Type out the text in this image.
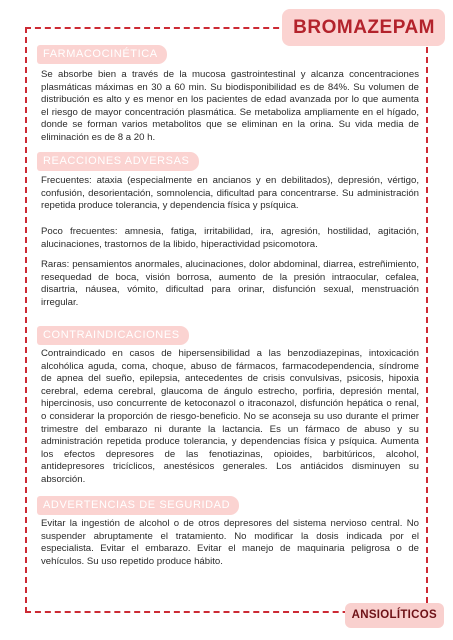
BROMAZEPAM
FARMACOCINÉTICA

Se absorbe bien a través de la mucosa gastrointestinal y alcanza concentraciones plasmáticas máximas en 30 a 60 min. Su biodisponibilidad es de 84%. Su volumen de distribución es alto y es menor en los pacientes de edad avanzada por lo que aumenta el riesgo de mayor concentración plasmática. Se metaboliza ampliamente en el hígado, donde se forman varios metabolitos que se eliminan en la orina. Su vida media de eliminación es de 8 a 20 h.

REACCIONES ADVERSAS

Frecuentes: ataxia (especialmente en ancianos y en debilitados), depresión, vértigo, confusión, desorientación, somnolencia, dificultad para concentrarse. Su administración repetida produce tolerancia, y dependencia física y psíquica.

Poco frecuentes: amnesia, fatiga, irritabilidad, ira, agresión, hostilidad, agitación, alucinaciones, trastornos de la libido, hiperactividad psicomotora.

Raras: pensamientos anormales, alucinaciones, dolor abdominal, diarrea, estreñimiento, resequedad de boca, visión borrosa, aumento de la presión intraocular, cefalea, disartria, náusea, vómito, dificultad para orinar, disfunción sexual, menstruación irregular.

CONTRAINDICACIONES

Contraindicado en casos de hipersensibilidad a las benzodiazepinas, intoxicación alcohólica aguda, coma, choque, abuso de fármacos, farmacodependencia, síndrome de apnea del sueño, epilepsia, antecedentes de crisis convulsivas, psicosis, hipoxia cerebral, edema cerebral, glaucoma de ángulo estrecho, porfiria, depresión mental, hipercinosis, uso concurrente de ketoconazol o itraconazol, disfunción hepática o renal, o considerar la proporción de riesgo-beneficio. No se aconseja su uso durante el primer trimestre del embarazo ni durante la lactancia. Es un fármaco de abuso y su administración repetida produce tolerancia, y dependencias física y psíquica. Aumenta los efectos depresores de las fenotiazinas, opioides, barbitúricos, alcohol, antidepresores tricíclicos, anestésicos generales. Los antiácidos disminuyen su absorción.

ADVERTENCIAS DE SEGURIDAD

Evitar la ingestión de alcohol o de otros depresores del sistema nervioso central. No suspender abruptamente el tratamiento. No modificar la dosis indicada por el especialista. Evitar el embarazo. Evitar el manejo de maquinaria peligrosa o de vehículos. Su uso repetido produce hábito.

ANSIOLÍTICOS
